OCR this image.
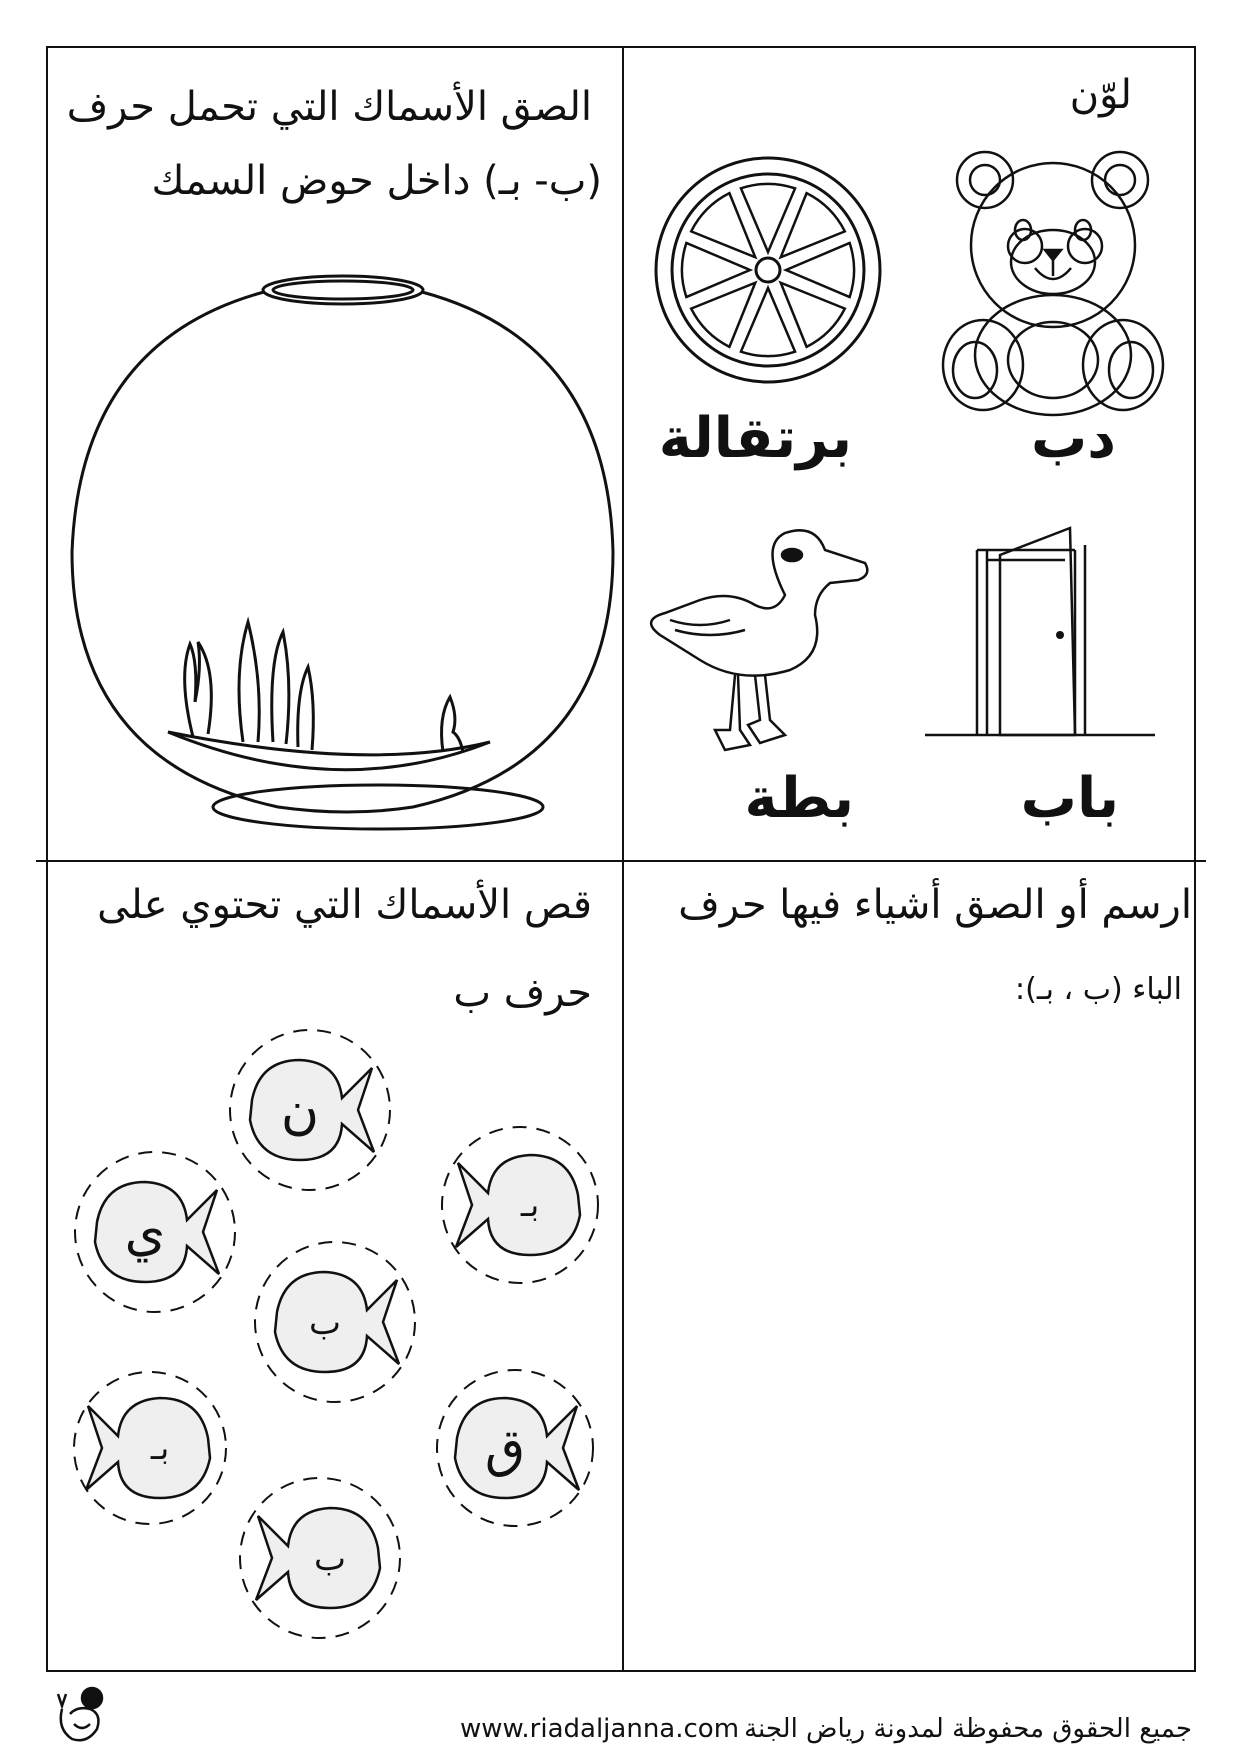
لوّن
دب
برتقالة
باب
بطة
الصق الأسماك التي تحمل حرف
(ب- بـ) داخل حوض السمك
ارسم أو الصق أشياء فيها حرف
الباء (ب ، بـ):
قص الأسماك التي تحتوي على
حرف ب
ن
ي	بـ
ب
ق
بـ
ب
جميع الحقوق محفوظة لمدونة رياض الجنة
www.riadaljanna.com
